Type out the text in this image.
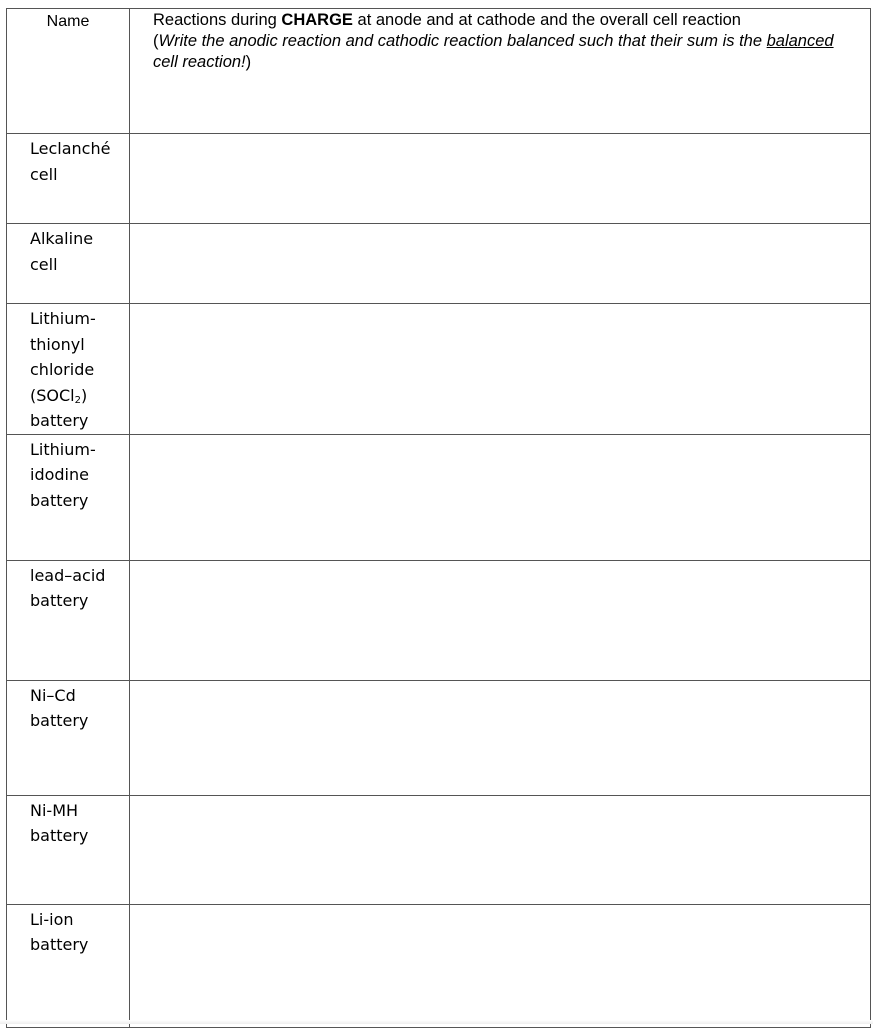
Name	Reactions during CHARGE at anode and at cathode and the overall cell reaction
(Write the anodic reaction and cathodic reaction balanced such that their sum is the balanced cell reaction!)

Leclanché
cell	

Alkaline
cell	

Lithium-
thionyl
chloride
(SOCl$_2$)
battery	

Lithium-
idodine
battery	

lead–acid
battery	

Ni–Cd
battery	

Ni-MH
battery	

Li-ion
battery	
